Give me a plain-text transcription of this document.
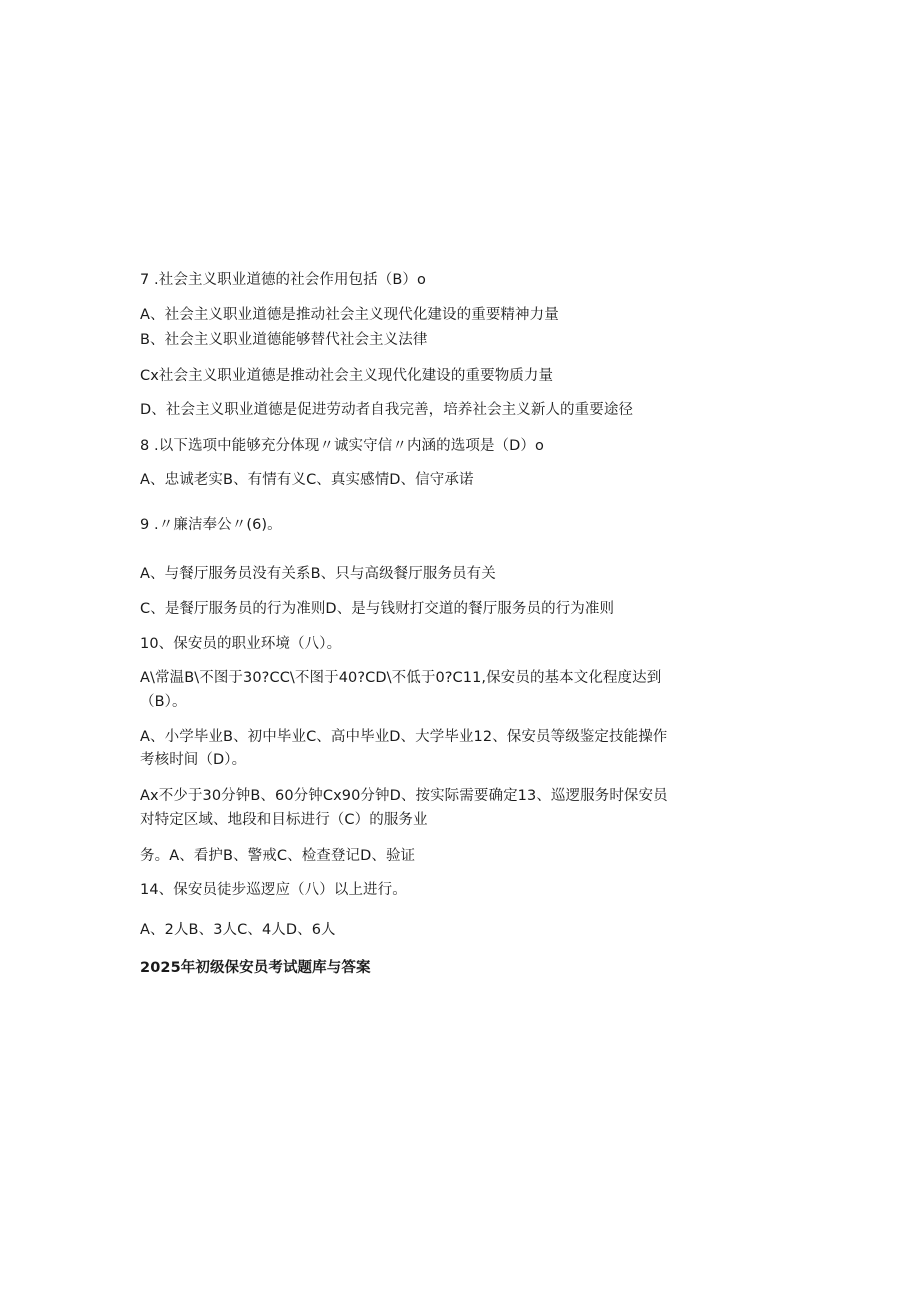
7 .社会主义职业道德的社会作用包括（B）o
A、社会主义职业道德是推动社会主义现代化建设的重要精神力量
B、社会主义职业道德能够替代社会主义法律
Cx社会主义职业道德是推动社会主义现代化建设的重要物质力量
D、社会主义职业道德是促进劳动者自我完善，培养社会主义新人的重要途径
8 .以下选项中能够充分体现〃诚实守信〃内涵的选项是（D）o
A、忠诚老实B、有情有义C、真实感情D、信守承诺
9 .〃廉洁奉公〃(6)。
A、与餐厅服务员没有关系B、只与高级餐厅服务员有关
C、是餐厅服务员的行为准则D、是与钱财打交道的餐厅服务员的行为准则
10、保安员的职业环境（八）。
A\常温B\不图于30?CC\不图于40?CD\不低于0?C11,保安员的基本文化程度达到
（B）。
A、小学毕业B、初中毕业C、高中毕业D、大学毕业12、保安员等级鉴定技能操作
考核时间（D）。
Ax不少于30分钟B、60分钟Cx90分钟D、按实际需要确定13、巡逻服务时保安员
对特定区域、地段和目标进行（C）的服务业
务。A、看护B、警戒C、检查登记D、验证
14、保安员徒步巡逻应（八）以上进行。
A、2人B、3人C、4人D、6人
2025年初级保安员考试题库与答案
